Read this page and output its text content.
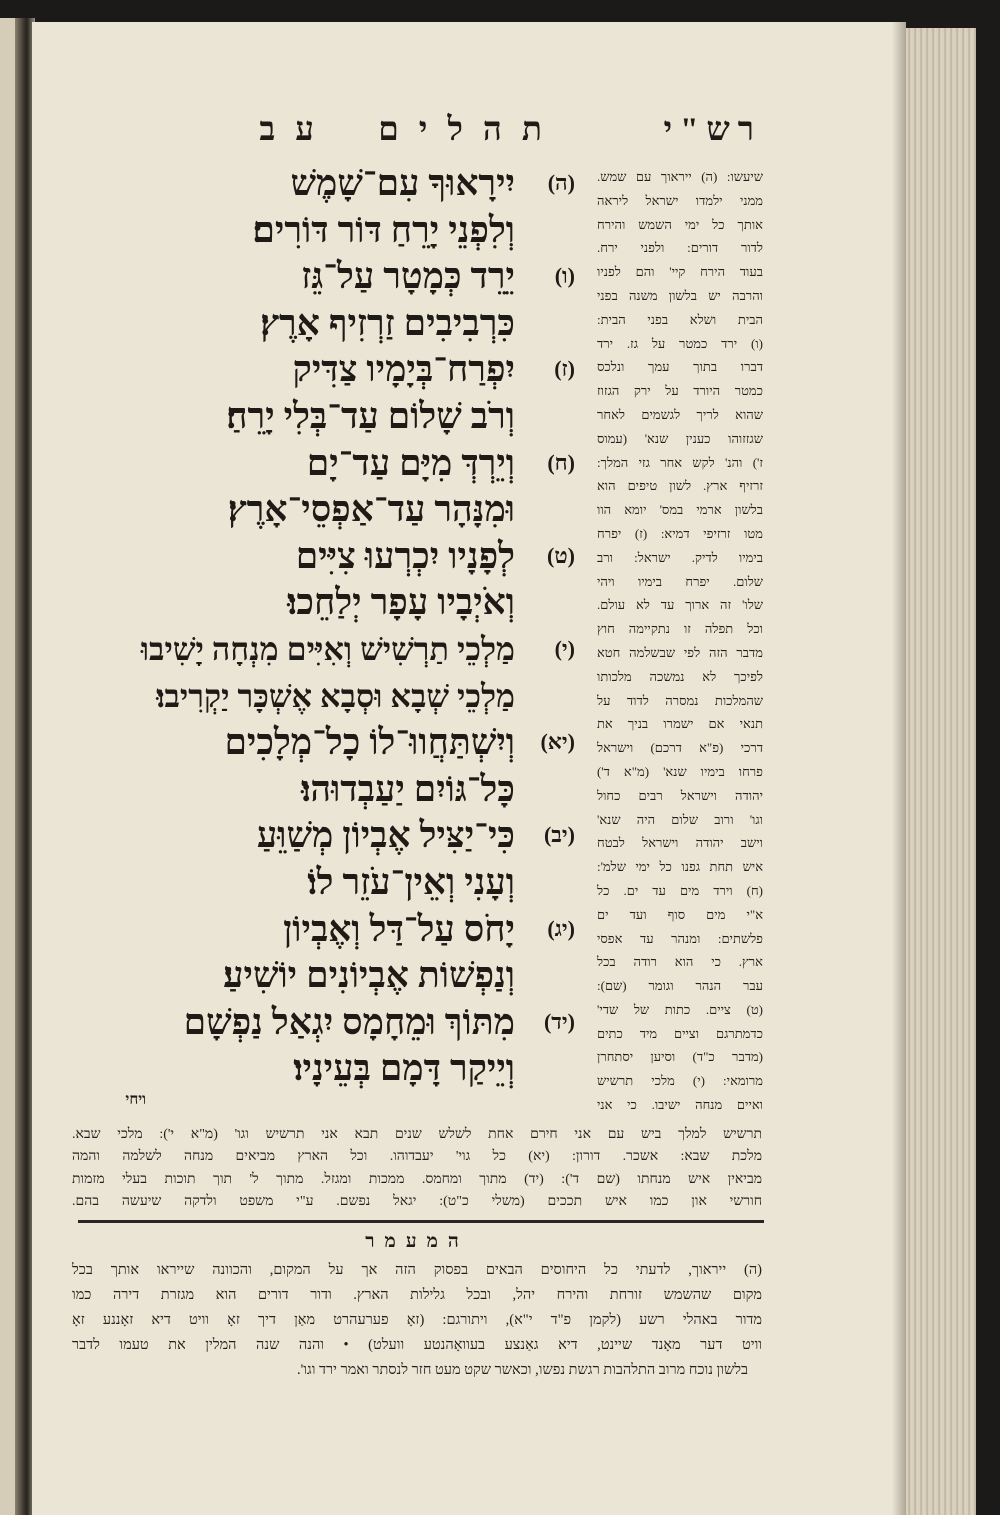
רש"י
תהלים עב
(ה)
יִירָאוּךָ עִם־שָׁמֶשׁ
וְלִפְנֵי יָרֵחַ דּוֹר דּוֹרִים׃
(ו)
יֵרֵד כְּמָטָר עַל־גֵּז
כִּרְבִיבִים זַרְזִיף אָרֶץ׃
(ז)
יִפְרַח־בְּיָמָיו צַדִּיק
וְרֹב שָׁלוֹם עַד־בְּלִי יָרֵחַ׃
(ח)
וְיֵרְדְּ מִיָּם עַד־יָם
וּמִנָּהָר עַד־אַפְסֵי־אָרֶץ׃
(ט)
לְפָנָיו יִכְרְעוּ צִיִּים
וְאֹיְבָיו עָפָר יְלַחֵכוּ׃
(י)
מַלְכֵי תַרְשִׁישׁ וְאִיִּים מִנְחָה יָשִׁיבוּ
מַלְכֵי שְׁבָא וּסְבָא אֶשְׁכָּר יַקְרִיבוּ׃
(יא)
וְיִשְׁתַּחֲווּ־לוֹ כָל־מְלָכִים
כָּל־גּוֹיִם יַעַבְדוּהוּ׃
(יב)
כִּי־יַצִּיל אֶבְיוֹן מְשַׁוֵּעַ
וְעָנִי וְאֵין־עֹזֵר לוֹ׃
(יג)
יָחֹס עַל־דַּל וְאֶבְיוֹן
וְנַפְשׁוֹת אֶבְיוֹנִים יוֹשִׁיעַ׃
(יד)
מִתּוֹךְ וּמֵחָמָס יִגְאַל נַפְשָׁם
וְיֵיקַר דָּמָם בְּעֵינָיו׃
שיעשו: (ה) ייראוך עם שמש.
ממני ילמדו ישראל ליראה
אותך כל ימי השמש והירח
לדור דורים: ולפני ירח.
בעוד הירח קיי' והם לפניו
והרבה יש בלשון משנה בפני
הבית ושלא בפני הבית:
(ו) ירד כמטר על גז. ירד
דברו בתוך עמך ונלכס
כמטר היורד על ירק הגזוז
שהוא לריך לגשמים לאחר
שגזזוהו כענין שנא' (עמוס
ז') והנ' לקש אחר גזי המלך:
זרזיף ארץ. לשון טיפים הוא
בלשון ארמי במס' יומא הוו
מטו זרזיפי דמיא: (ז) יפרח
בימיו לדיק. ישראל: ורב
שלום. יפרח בימיו ויהי
שלו' זה ארוך עד לא עולם.
וכל תפלה זו נתקיימה חוץ
מדבר הזה לפי שבשלמה חטא
לפיכך לא נמשכה מלכותו
שהמלכות נמסרה לדוד על
תנאי אם ישמרו בניך את
דרכי (פ"א דרכם) וישראל
פרחו בימיו שנא' (מ"א ד')
יהודה וישראל רבים כחול
וגו' ורוב שלום היה שנא'
וישב יהודה וישראל לבטח
איש תחת גפנו כל ימי שלמ':
(ח) וירד מים עד ים. כל
א"י מים סוף ועד ים
פלשתים: ומנהר עד אפסי
ארץ. כי הוא רודה בכל
עבר הנהר וגומר (שם):
(ט) ציים. כתות של שדי'
כדמתרגם וציים מיד כתים
(מדבר כ"ד) וסיען יסתחרן
מרומאי: (י) מלכי תרשיש
ואיים מנחה ישיבו. כי אני
ויחי
תרשיש למלך ביש עם אני חירם אחת לשלש שנים תבא אני תרשיש וגו' (מ"א י'): מלכי שבא.
מלכת שבא: אשכר. דורון: (יא) כל גוי' יעבדוהו. וכל הארץ מביאים מנחה לשלמה והמה
מביאין איש מנחתו (שם ד'): (יד) מתוך ומחמס. ממכות ומגזל. מתוך ל' תוך תוכות בעלי מזמות
חורשי און כמו איש תככים (משלי כ"ט): יגאל נפשם. ע"י משפט ולדקה שיעשה בהם.
המעמר
(ה) ייראוך, לדעתי כל היחוסים הבאים בפסוק הזה אך על המקום, והכוונה שייראו אותך בכל
מקום שהשמש זורחת והירח יהל, ובכל גלילות הארץ. ודור דורים הוא מגזרת דירה כמו
מדור באהלי רשע (לקמן פ"ד י"א), ויתורגם: (זאָ פערעהרט מאַן דיך זאָ וויט דיא זאָננע זאָ
וויט דער מאָנד שיינט, דיא גאַנצע בעוואָהנטע וועלט) • והנה שנה המלין את טעמו לדבר
בלשון נוכח מרוב התלהבות רגשת נפשו, וכאשר שקט מעט חזר לנסתר ואמר ירד וגו'.
